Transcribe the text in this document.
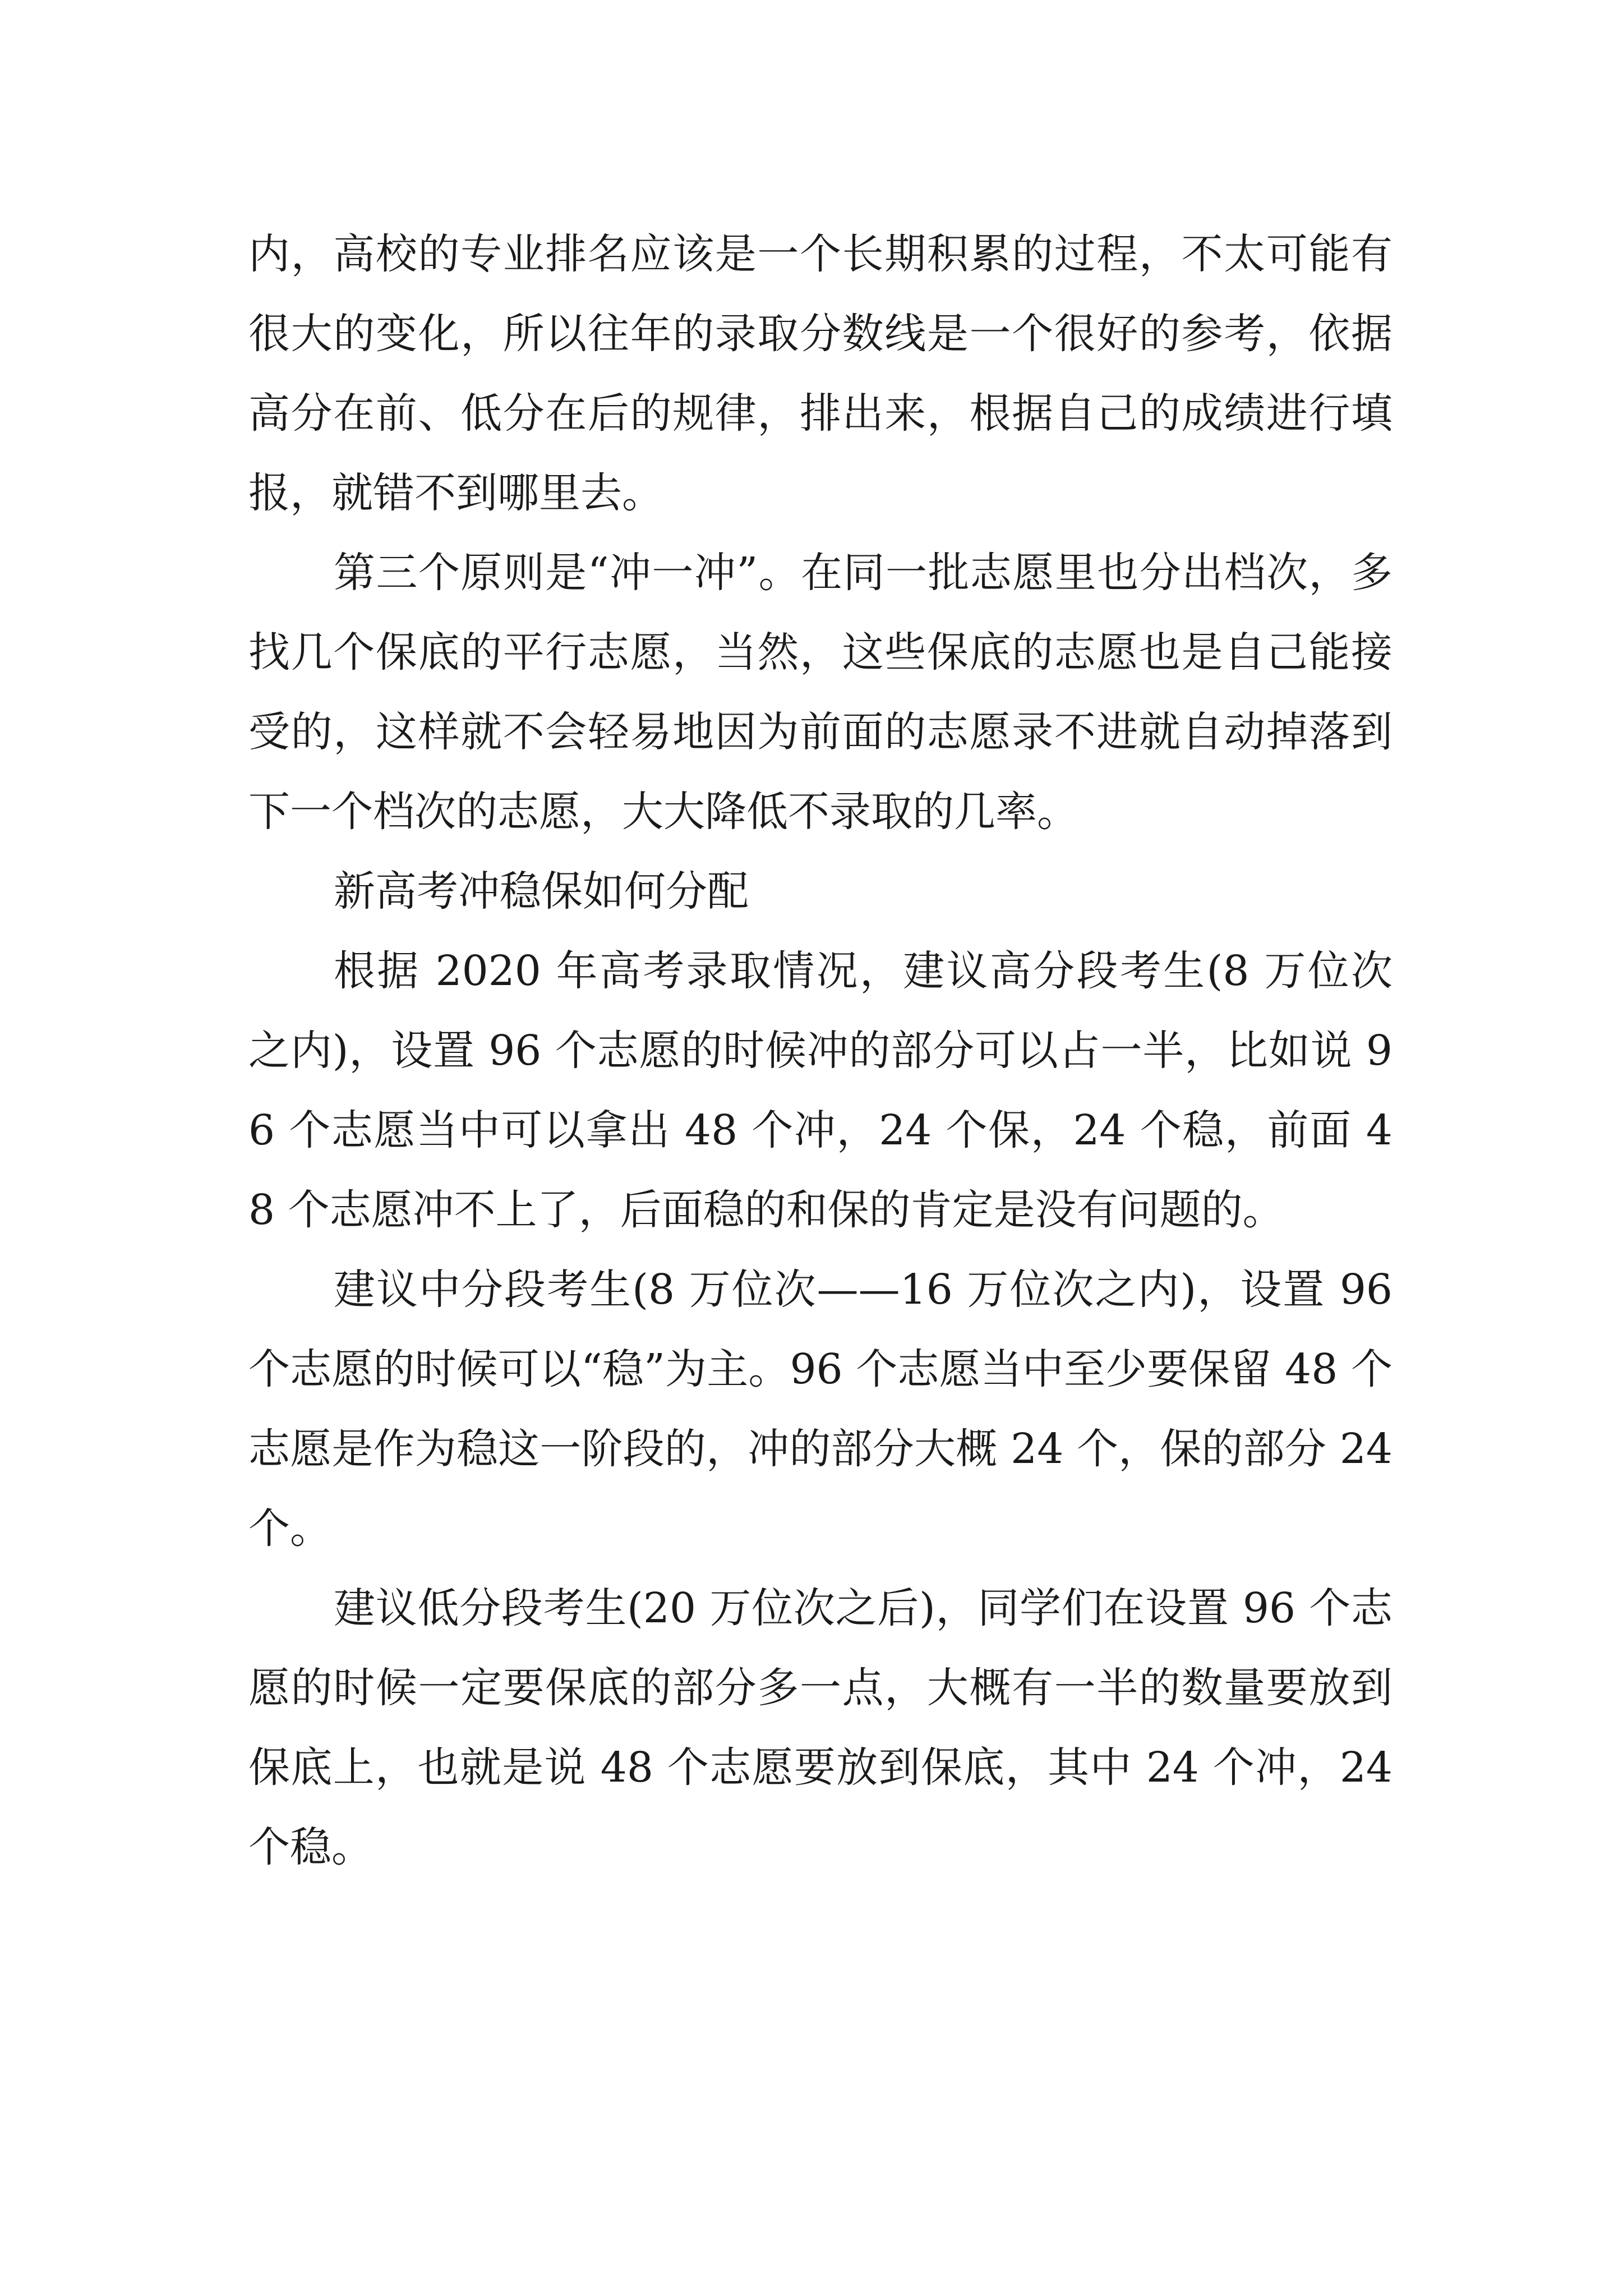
内，高校的专业排名应该是一个长期积累的过程，不太可能有很大的变化，所以往年的录取分数线是一个很好的参考，依据高分在前、低分在后的规律，排出来，根据自己的成绩进行填报，就错不到哪里去。

第三个原则是“冲一冲”。在同一批志愿里也分出档次，多找几个保底的平行志愿，当然，这些保底的志愿也是自己能接受的，这样就不会轻易地因为前面的志愿录不进就自动掉落到下一个档次的志愿，大大降低不录取的几率。

新高考冲稳保如何分配

根据 2020 年高考录取情况，建议高分段考生(8 万位次之内)，设置 96 个志愿的时候冲的部分可以占一半，比如说 96 个志愿当中可以拿出 48 个冲，24 个保，24 个稳，前面 48 个志愿冲不上了，后面稳的和保的肯定是没有问题的。

建议中分段考生(8 万位次——16 万位次之内)，设置 96 个志愿的时候可以“稳”为主。96 个志愿当中至少要保留 48 个志愿是作为稳这一阶段的，冲的部分大概 24 个，保的部分 24 个。

建议低分段考生(20 万位次之后)，同学们在设置 96 个志愿的时候一定要保底的部分多一点，大概有一半的数量要放到保底上，也就是说 48 个志愿要放到保底，其中 24 个冲，24 个稳。
